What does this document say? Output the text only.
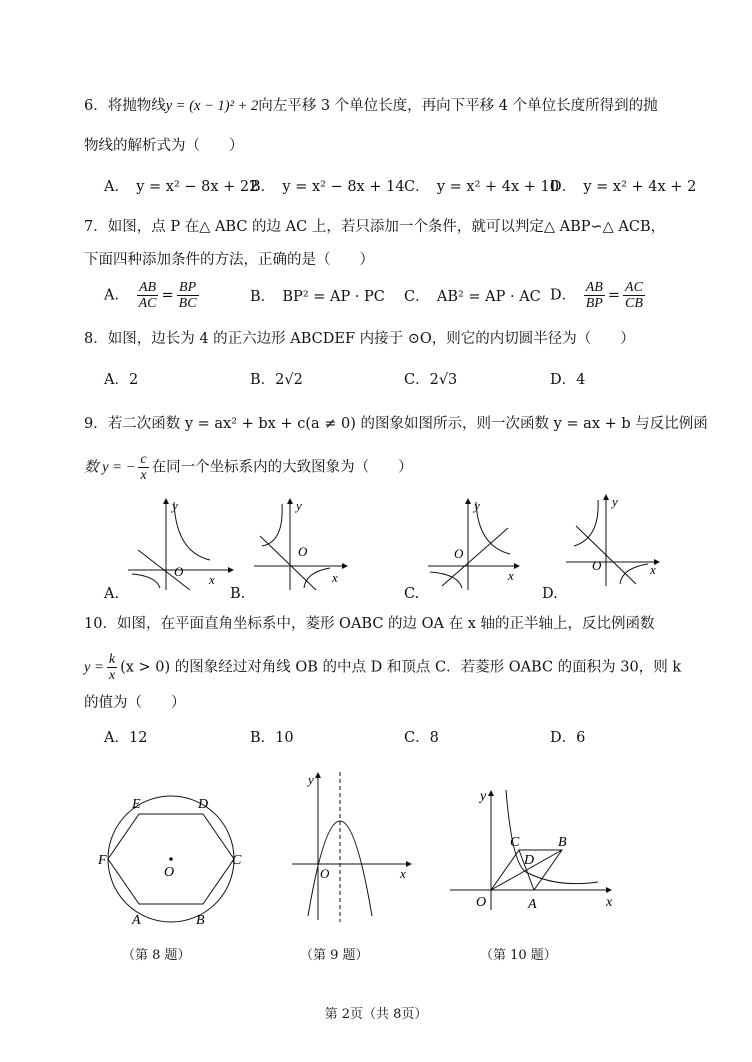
6．将抛物线y = (x − 1)² + 2向左平移 3 个单位长度，再向下平移 4 个单位长度所得到的抛
物线的解析式为（　　）
A．　y = x² − 8x + 22
B．　y = x² − 8x + 14 C．　y = x² + 4x + 10
D．　y = x² + 4x + 2
7．如图，点 P 在△ ABC 的边 AC 上，若只添加一个条件，就可以判定△ ABP∽△ ACB，
下面四种添加条件的方法，正确的是（　　）
A． $\frac{AB}{AC} = \frac{BP}{BC}$	B．　BP² = AP · PC C．　AB² = AP · AC D． $\frac{AB}{BP} = \frac{AC}{CB}$
8．如图，边长为 4 的正六边形 ABCDEF 内接于 ⊙O，则它的内切圆半径为（　　）
A．2	B．2√2	C．2√3	D．4
9．若二次函数 y = ax² + bx + c(a ≠ 0) 的图象如图所示，则一次函数 y = ax + b 与反比例函
数 y = − $\frac{c}{x}$ 在同一个坐标系内的大致图象为（　　）
A.
y
x
O
B.
y
x
O
C.
y
x
O
D.
y
x
O
10．如图，在平面直角坐标系中，菱形 OABC 的边 OA 在 x 轴的正半轴上，反比例函数
$y = \frac{k}{x} (x > 0)$ 的图象经过对角线 OB 的中点 D 和顶点 C．若菱形 OABC 的面积为 30，则 k
的值为（　　）
A．12	B．10	C．8	D．6
A	B
C
D
E
F
O
（第 8 题）
y
x
O
（第 9 题）
y
x
O	A
B
C
D
（第 10 题）
第 2页（共 8页）
